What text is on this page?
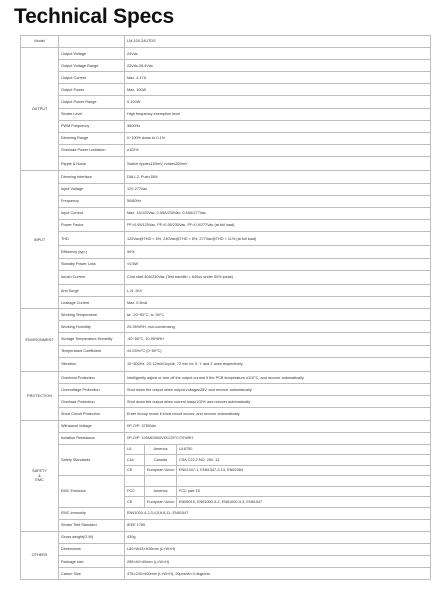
Technical Specs
Model		LM-100-24UTDS		
OUTPUT	Output Voltage	24Vdc		
	Output Voltage Range	22Vdc-26.4Vdc		
	Output Current	Max. 4.17A		
	Output Power	Max. 100W		
	Output Power Range	0-100W		
	Strobe Level	High frequency exemption level		
	PWM Frequency	3600Hz		
	Dimming Range	0~100% down to 0.1%		
	Overload Power Limitation	≥102%		
	Ripple & Noise	Switch ripple≤150mV, noise≤300mV		
INPUT	Dimming Interface	DALI-2, Push DIM		
	Input Voltage	120-277Vac		
	Frequency	50/60Hz		
	Input Current	Max. 1A/120Vac, 0.55A/230Vac, 0.45A/277Vac		
	Power Factor	PF>0.95/120Vac, PF>0.95/230Vac, PF>0.9/277Vac (at full load)		
	THD	120Vac@THD < 5%, 230Vac@THD < 8%, 277Vac@THD < 11% (at full load)		
	Efficiency (typ.)	90%		
	Standby Power Loss	<0.5W		
	Inrush Current	Cold start 40A/230Vac (Test bandith = 640us under 50% ipeak)		
	Anti Surge	L-N: 2KV		
	Leakage Current	Max. 0.5mA		
ENVIRONMENT	Working Temperature	ta: -20~50°C, tc: 90°C		
	Working Humidity	20-95%RH, non-condensing		
	Storage Temperature,Humidity	-40~80°C, 10-95%RH		
	Temperature Coefficient	±0.03%/°C (0~50°C)		
	Vibration	10~500Hz, 2G 12min/1cycle, 72 min for X, Y and Z axes respectively		
PROTECTION	Overheat Protection	Intelligently adjust or turn off the output current if the PCB temperature ≥110°C, and recover automatically		
	Overvoltage Protection	Shut down the output when output voltage≥28V, and recover automatically		
	Overload Protection	Shut down the output when current load≥102% and recover automatically		
	Short Circuit Protection	Enter hiccup mode if short circuit occurs, and recover automatically		
SAFETY
&
EMC	Withstand Voltage	I/P-O/P: 3750Vac		
	Isolation Resistance	I/P-O/P: 100MΩ/500VDC/25°C/70%RH		
	Safety Standards	UL	America	UL8750
		CUL	Canada	CSA C22.2 NO. 250. 13
		CE	European Union	EN61347-1, EN61347-2-13, EN62384
	EMC Emission			
		FCC	America	FCC part 15
		CE	European Union	EN55015, EN61000-3-2, EN61000-3-3, EN61547
	EMC Immunity	EN61000-4-2,3,4,5,6,8,11; EN61547		
	Strobe Test Standard	IEEE 1789		
OTHERS	Gross weight(G.W)	430g		
	Dimensions	L80×W43×H26mm (L×W×H)		
	Package size	285×40×40mm (L×W×H)		
	Carton Size	375×240×400mm (L×W×H), 20pcs/ctn 9.4kgs/ctn		
